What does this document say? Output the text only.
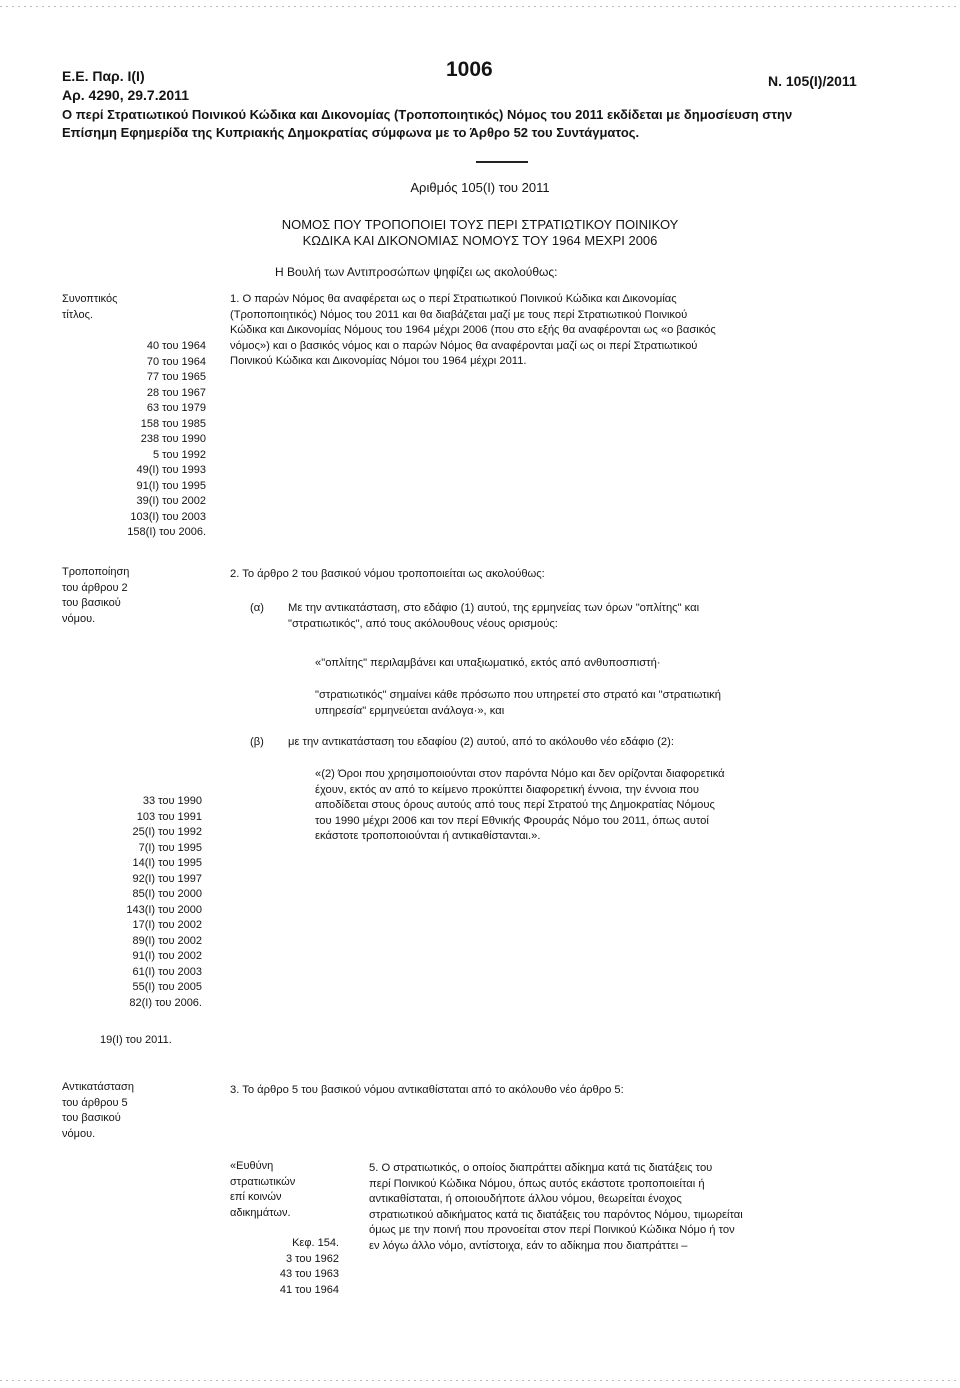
Ε.Ε. Παρ. Ι(Ι)
Αρ. 4290, 29.7.2011
1006	Ν. 105(Ι)/2011
Ο περί Στρατιωτικού Ποινικού Κώδικα και Δικονομίας (Τροποποιητικός) Νόμος του 2011 εκδίδεται με δημοσίευση στην
Επίσημη Εφημερίδα της Κυπριακής Δημοκρατίας σύμφωνα με το Άρθρο 52 του Συντάγματος.
Αριθμός 105(Ι) του 2011
ΝΟΜΟΣ ΠΟΥ ΤΡΟΠΟΠΟΙΕΙ ΤΟΥΣ ΠΕΡΙ ΣΤΡΑΤΙΩΤΙΚΟΥ ΠΟΙΝΙΚΟΥ
ΚΩΔΙΚΑ ΚΑΙ ΔΙΚΟΝΟΜΙΑΣ ΝΟΜΟΥΣ ΤΟΥ 1964 ΜΕΧΡΙ 2006
Η Βουλή των Αντιπροσώπων ψηφίζει ως ακολούθως:
Συνοπτικός
τίτλος.
40 του 1964
70 του 1964
77 του 1965
28 του 1967
63 του 1979
158 του 1985
238 του 1990
5 του 1992
49(Ι) του 1993
91(Ι) του 1995
39(Ι) του 2002
103(Ι) του 2003
158(Ι) του 2006.
1. Ο παρών Νόμος θα αναφέρεται ως ο περί Στρατιωτικού Ποινικού Κώδικα και Δικονομίας
(Τροποποιητικός) Νόμος του 2011 και θα διαβάζεται μαζί με τους περί Στρατιωτικού Ποινικού
Κώδικα και Δικονομίας Νόμους του 1964 μέχρι 2006 (που στο εξής θα αναφέρονται ως «ο βασικός
νόμος») και ο βασικός νόμος και ο παρών Νόμος θα αναφέρονται μαζί ως οι περί Στρατιωτικού
Ποινικού Κώδικα και Δικονομίας Νόμοι του 1964 μέχρι 2011.
Τροποποίηση
του άρθρου 2
του βασικού
νόμου.
2. Το άρθρο 2 του βασικού νόμου τροποποιείται ως ακολούθως:
(α) Με την αντικατάσταση, στο εδάφιο (1) αυτού, της ερμηνείας των όρων "οπλίτης" και
"στρατιωτικός", από τους ακόλουθους νέους ορισμούς:
«"οπλίτης" περιλαμβάνει και υπαξιωματικό, εκτός από ανθυποσπιστή·
"στρατιωτικός" σημαίνει κάθε πρόσωπο που υπηρετεί στο στρατό και "στρατιωτική
υπηρεσία" ερμηνεύεται ανάλογα·», και
(β) με την αντικατάσταση του εδαφίου (2) αυτού, από το ακόλουθο νέο εδάφιο (2):
«(2) Όροι που χρησιμοποιούνται στον παρόντα Νόμο και δεν ορίζονται διαφορετικά
έχουν, εκτός αν από το κείμενο προκύπτει διαφορετική έννοια, την έννοια που
αποδίδεται στους όρους αυτούς από τους περί Στρατού της Δημοκρατίας Νόμους
του 1990 μέχρι 2006 και τον περί Εθνικής Φρουράς Νόμο του 2011, όπως αυτοί
εκάστοτε τροποποιούνται ή αντικαθίστανται.».
33 του 1990
103 του 1991
25(Ι) του 1992
7(Ι) του 1995
14(Ι) του 1995
92(Ι) του 1997
85(Ι) του 2000
143(Ι) του 2000
17(Ι) του 2002
89(Ι) του 2002
91(Ι) του 2002
61(Ι) του 2003
55(Ι) του 2005
82(Ι) του 2006.
19(Ι) του 2011.
Αντικατάσταση
του άρθρου 5
του βασικού
νόμου.
3. Το άρθρο 5 του βασικού νόμου αντικαθίσταται από το ακόλουθο νέο άρθρο 5:
«Ευθύνη
στρατιωτικών
επί κοινών
αδικημάτων.
Κεφ. 154.
3 του 1962
43 του 1963
41 του 1964
5. Ο στρατιωτικός, ο οποίος διαπράττει αδίκημα κατά τις διατάξεις του
περί Ποινικού Κώδικα Νόμου, όπως αυτός εκάστοτε τροποποιείται ή
αντικαθίσταται, ή οποιουδήποτε άλλου νόμου, θεωρείται ένοχος
στρατιωτικού αδικήματος κατά τις διατάξεις του παρόντος Νόμου, τιμωρείται
όμως με την ποινή που προνοείται στον περί Ποινικού Κώδικα Νόμο ή τον
εν λόγω άλλο νόμο, αντίστοιχα, εάν το αδίκημα που διαπράττει –
